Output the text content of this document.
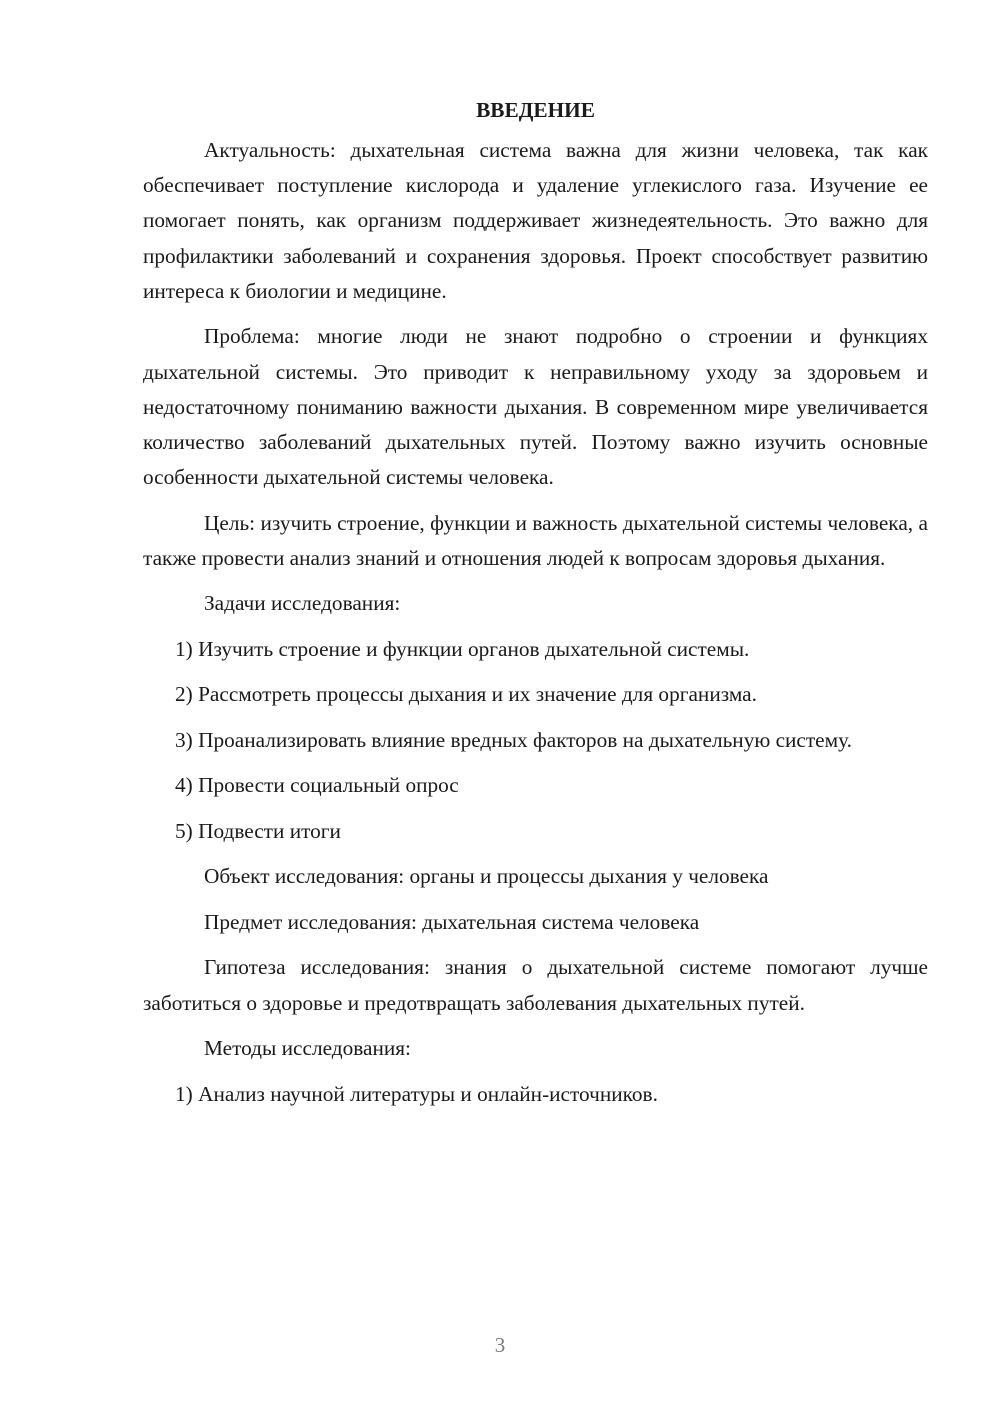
ВВЕДЕНИЕ

Актуальность: дыхательная система важна для жизни человека, так как обеспечивает поступление кислорода и удаление углекислого газа. Изучение ее помогает понять, как организм поддерживает жизнедеятельность. Это важно для профилактики заболеваний и сохранения здоровья. Проект способствует развитию интереса к биологии и медицине.

Проблема: многие люди не знают подробно о строении и функциях дыхательной системы. Это приводит к неправильному уходу за здоровьем и недостаточному пониманию важности дыхания. В современном мире увеличивается количество заболеваний дыхательных путей. Поэтому важно изучить основные особенности дыхательной системы человека.

Цель: изучить строение, функции и важность дыхательной системы человека, а также провести анализ знаний и отношения людей к вопросам здоровья дыхания.

Задачи исследования:

1) Изучить строение и функции органов дыхательной системы.

2) Рассмотреть процессы дыхания и их значение для организма.

3) Проанализировать влияние вредных факторов на дыхательную систему.

4) Провести социальный опрос

5) Подвести итоги

Объект исследования: органы и процессы дыхания у человека

Предмет исследования: дыхательная система человека

Гипотеза исследования: знания о дыхательной системе помогают лучше заботиться о здоровье и предотвращать заболевания дыхательных путей.

Методы исследования:

1) Анализ научной литературы и онлайн-источников.

3
